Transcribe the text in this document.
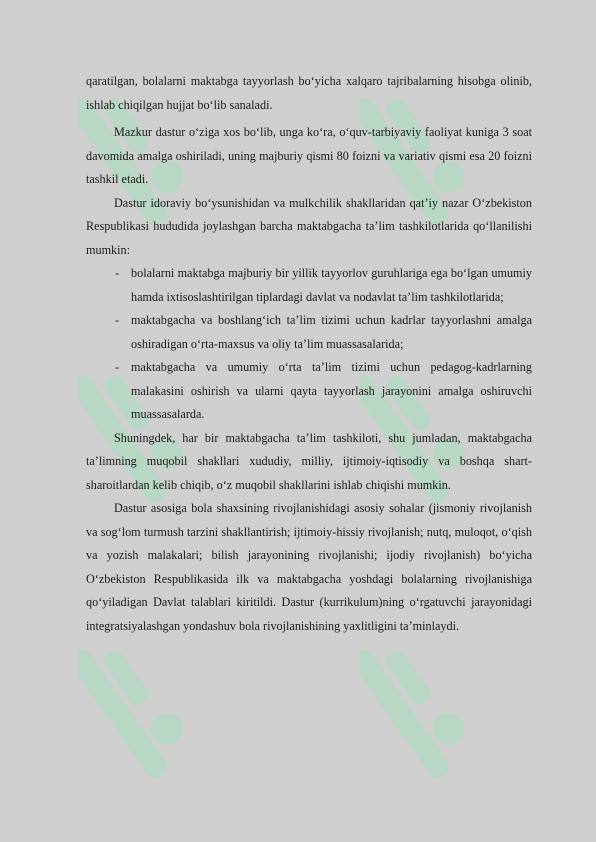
qaratilgan, bolalarni maktabga tayyorlash bo‘yicha xalqaro tajribalarning hisobga olinib, ishlab chiqilgan hujjat bo‘lib sanaladi.

Mazkur dastur o‘ziga xos bo‘lib, unga ko‘ra, o‘quv-tarbiyaviy faoliyat kuniga 3 soat davomida amalga oshiriladi, uning majburiy qismi 80 foizni va variativ qismi esa 20 foizni tashkil etadi.

Dastur idoraviy bo‘ysunishidan va mulkchilik shakllaridan qat’iy nazar O‘zbekiston Respublikasi hududida joylashgan barcha maktabgacha ta’lim tashkilotlarida qo‘llanilishi mumkin:

- bolalarni maktabga majburiy bir yillik tayyorlov guruhlariga ega bo‘lgan umumiy hamda ixtisoslashtirilgan tiplardagi davlat va nodavlat ta’lim tashkilotlarida;
- maktabgacha va boshlang‘ich ta’lim tizimi uchun kadrlar tayyorlashni amalga oshiradigan o‘rta-maxsus va oliy ta’lim muassasalarida;
- maktabgacha va umumiy o‘rta ta’lim tizimi uchun pedagog-kadrlarning malakasini oshirish va ularni qayta tayyorlash jarayonini amalga oshiruvchi muassasalarda.

Shuningdek, har bir maktabgacha ta’lim tashkiloti, shu jumladan, maktabgacha ta’limning muqobil shakllari xududiy, milliy, ijtimoiy-iqtisodiy va boshqa shart-sharoitlardan kelib chiqib, o‘z muqobil shakllarini ishlab chiqishi mumkin.

Dastur asosiga bola shaxsining rivojlanishidagi asosiy sohalar (jismoniy rivojlanish va sog‘lom turmush tarzini shakllantirish; ijtimoiy-hissiy rivojlanish; nutq, muloqot, o‘qish va yozish malakalari; bilish jarayonining rivojlanishi; ijodiy rivojlanish) bo‘yicha O‘zbekiston Respublikasida ilk va maktabgacha yoshdagi bolalarning rivojlanishiga qo‘yiladigan Davlat talablari kiritildi. Dastur (kurrikulum)ning o‘rgatuvchi jarayonidagi integratsiyalashgan yondashuv bola rivojlanishining yaxlitligini ta’minlaydi.
